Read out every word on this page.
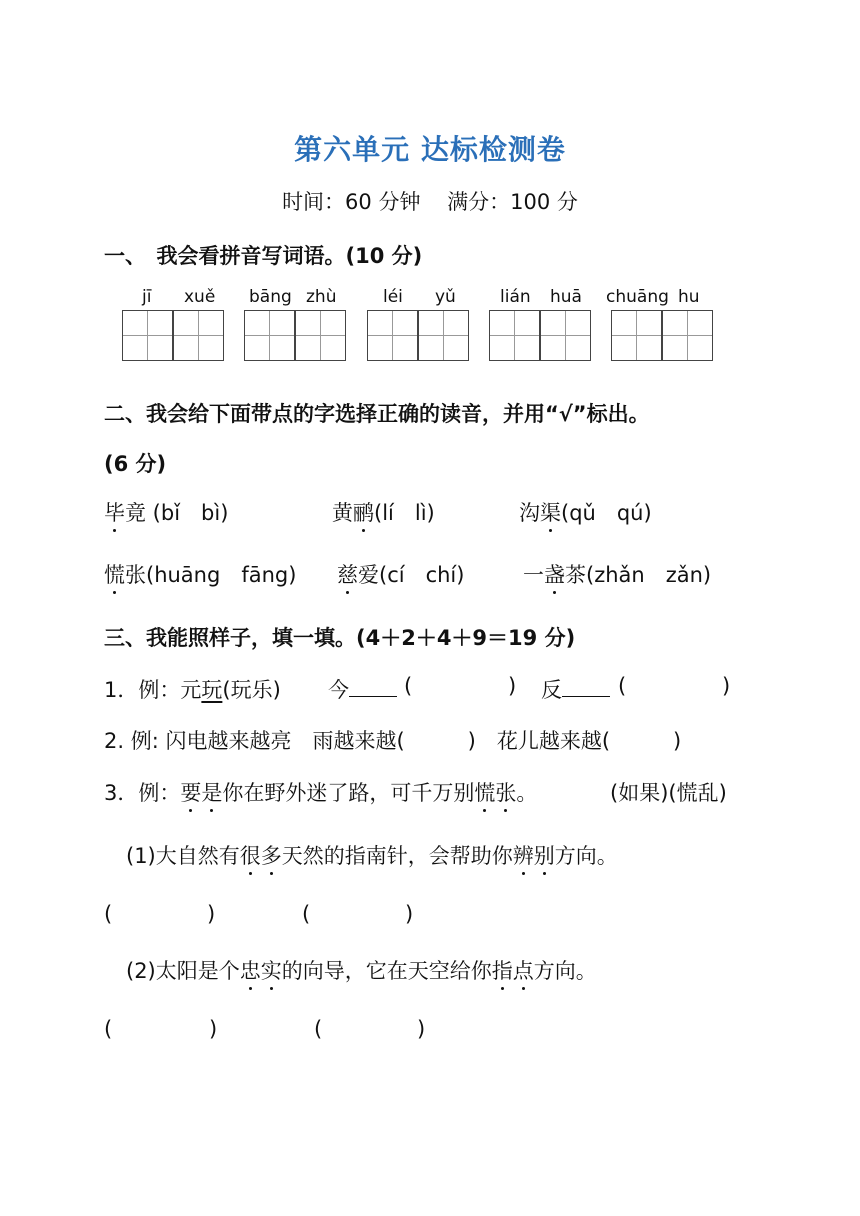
第六单元 达标检测卷
时间：60 分钟 满分：100 分
一、　我会看拼音写词语。(10 分)
jī xuě bāng zhù	léi yǔ	lián huā chuāng hu
二、我会给下面带点的字选择正确的读音，并用“√”标出。
(6 分)
毕竟 (bǐ　bì)	黄鹂(lí　lì)	沟渠(qǔ　qú)
慌张(huāng　fāng) 慈爱(cí　chí)	一盏茶(zhǎn　zǎn)
三、我能照样子，填一填。(4＋2＋4＋9＝19 分)
1．例：元玩(玩乐) 今	(	) 反	(	)
2. 例: 闪电越来越亮　雨越来越(　　　)　花儿越来越(　　　)
3．例：要是你在野外迷了路，可千万别慌张。	(如果)(慌乱)
(1)大自然有很多天然的指南针，会帮助你辨别方向。
(	)	(	)
(2)太阳是个忠实的向导，它在天空给你指点方向。
(	)	(	)
